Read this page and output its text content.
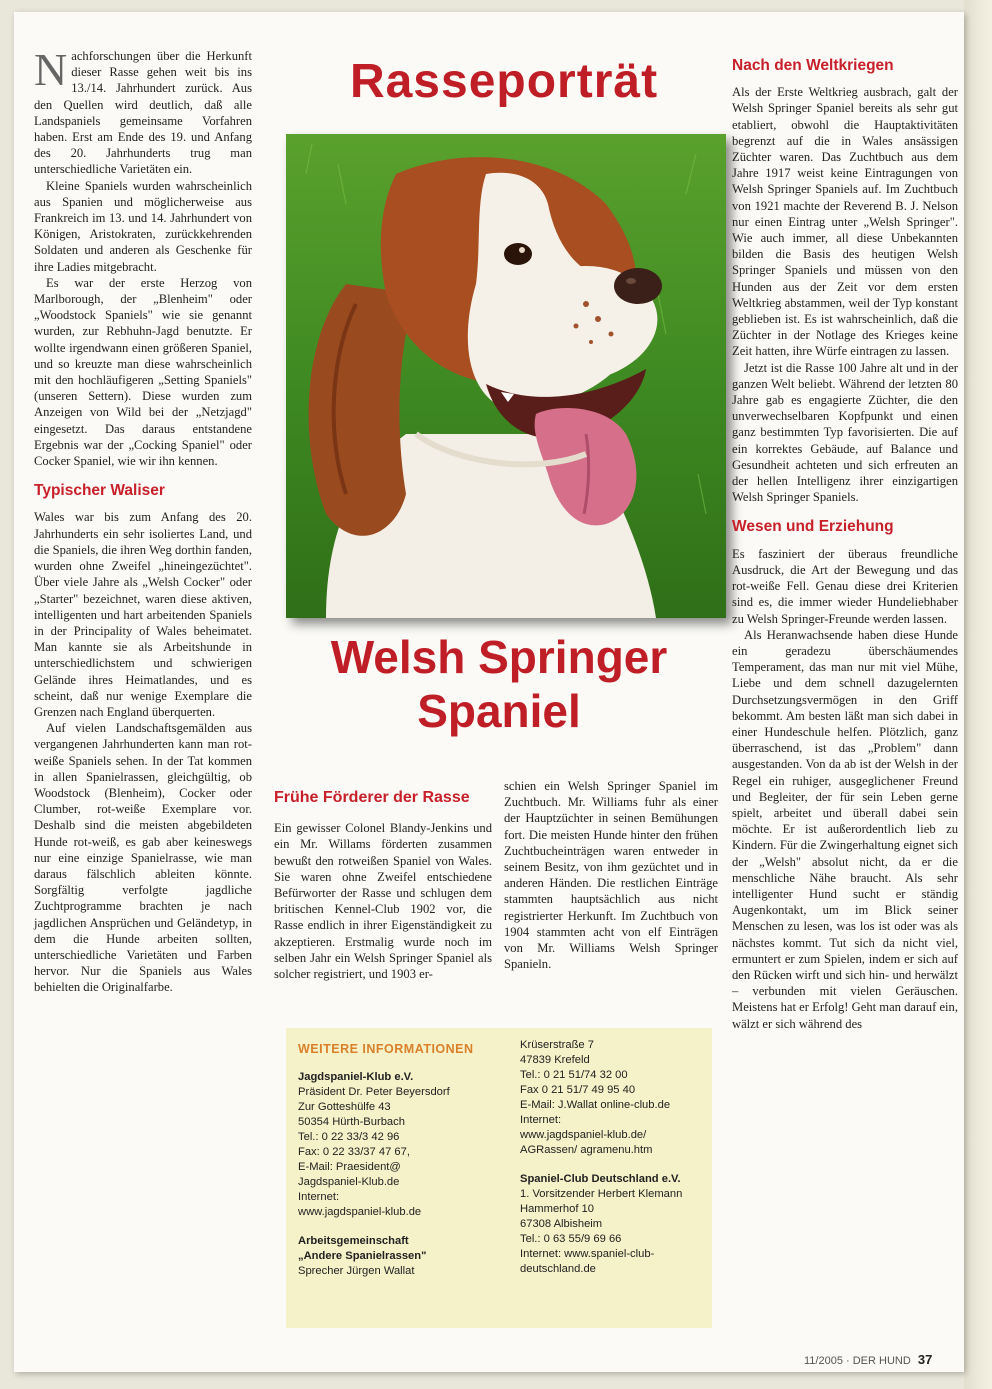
Nachforschungen über die Herkunft dieser Rasse gehen weit bis ins 13./14. Jahrhundert zurück. Aus den Quellen wird deutlich, daß alle Landspaniels gemeinsame Vorfahren haben. Erst am Ende des 19. und Anfang des 20. Jahrhunderts trug man unterschiedliche Varietäten ein.

Kleine Spaniels wurden wahrscheinlich aus Spanien und möglicherweise aus Frankreich im 13. und 14. Jahrhundert von Königen, Aristokraten, zurückkehrenden Soldaten und anderen als Geschenke für ihre Ladies mitgebracht.

Es war der erste Herzog von Marlborough, der „Blenheim" oder „Woodstock Spaniels" wie sie genannt wurden, zur Rebhuhn-Jagd benutzte. Er wollte irgendwann einen größeren Spaniel, und so kreuzte man diese wahrscheinlich mit den hochläufigeren „Setting Spaniels" (unseren Settern). Diese wurden zum Anzeigen von Wild bei der „Netzjagd" eingesetzt. Das daraus entstandene Ergebnis war der „Cocking Spaniel" oder Cocker Spaniel, wie wir ihn kennen.

Typischer Waliser

Wales war bis zum Anfang des 20. Jahrhunderts ein sehr isoliertes Land, und die Spaniels, die ihren Weg dorthin fanden, wurden ohne Zweifel „hineingezüchtet". Über viele Jahre als „Welsh Cocker" oder „Starter" bezeichnet, waren diese aktiven, intelligenten und hart arbeitenden Spaniels in der Principality of Wales beheimatet. Man kannte sie als Arbeitshunde in unterschiedlichstem und schwierigen Gelände ihres Heimatlandes, und es scheint, daß nur wenige Exemplare die Grenzen nach England überquerten.

Auf vielen Landschaftsgemälden aus vergangenen Jahrhunderten kann man rot-weiße Spaniels sehen. In der Tat kommen in allen Spanielrassen, gleichgültig, ob Woodstock (Blenheim), Cocker oder Clumber, rot-weiße Exemplare vor. Deshalb sind die meisten abgebildeten Hunde rot-weiß, es gab aber keineswegs nur eine einzige Spanielrasse, wie man daraus fälschlich ableiten könnte. Sorgfältig verfolgte jagdliche Zuchtprogramme brachten je nach jagdlichen Ansprüchen und Geländetyp, in dem die Hunde arbeiten sollten, unterschiedliche Varietäten und Farben hervor. Nur die Spaniels aus Wales behielten die Originalfarbe.

Rasseporträt
Welsh Springer
Spaniel
Frühe Förderer der Rasse

Ein gewisser Colonel Blandy-Jenkins und ein Mr. Willams förderten zusammen bewußt den rotweißen Spaniel von Wales. Sie waren ohne Zweifel entschiedene Befürworter der Rasse und schlugen dem britischen Kennel-Club 1902 vor, die Rasse endlich in ihrer Eigenständigkeit zu akzeptieren. Erstmalig wurde noch im selben Jahr ein Welsh Springer Spaniel als solcher registriert, und 1903 er-

schien ein Welsh Springer Spaniel im Zuchtbuch. Mr. Williams fuhr als einer der Hauptzüchter in seinen Bemühungen fort. Die meisten Hunde hinter den frühen Zuchtbucheinträgen waren entweder in seinem Besitz, von ihm gezüchtet und in anderen Händen. Die restlichen Einträge stammten hauptsächlich aus nicht registrierter Herkunft. Im Zuchtbuch von 1904 stammten acht von elf Einträgen von Mr. Williams Welsh Springer Spanieln.

WEITERE INFORMATIONEN
Jagdspaniel-Klub e.V.
Präsident Dr. Peter Beyersdorf
Zur Gotteshülfe 43
50354 Hürth-Burbach
Tel.: 0 22 33/3 42 96
Fax: 0 22 33/37 47 67,
E-Mail: Praesident@
Jagdspaniel-Klub.de
Internet:
www.jagdspaniel-klub.de
Arbeitsgemeinschaft
„Andere Spanielrassen"
Sprecher Jürgen Wallat
Krüserstraße 7
47839 Krefeld
Tel.: 0 21 51/74 32 00
Fax 0 21 51/7 49 95 40
E-Mail: J.Wallat online-club.de
Internet:
www.jagdspaniel-klub.de/
AGRassen/ agramenu.htm
Spaniel-Club Deutschland e.V.
1. Vorsitzender Herbert Klemann
Hammerhof 10
67308 Albisheim
Tel.: 0 63 55/9 69 66
Internet: www.spaniel-club-
deutschland.de
Nach den Weltkriegen

Als der Erste Weltkrieg ausbrach, galt der Welsh Springer Spaniel bereits als sehr gut etabliert, obwohl die Hauptaktivitäten begrenzt auf die in Wales ansässigen Züchter waren. Das Zuchtbuch aus dem Jahre 1917 weist keine Eintragungen von Welsh Springer Spaniels auf. Im Zuchtbuch von 1921 machte der Reverend B. J. Nelson nur einen Eintrag unter „Welsh Springer". Wie auch immer, all diese Unbekannten bilden die Basis des heutigen Welsh Springer Spaniels und müssen von den Hunden aus der Zeit vor dem ersten Weltkrieg abstammen, weil der Typ konstant geblieben ist. Es ist wahrscheinlich, daß die Züchter in der Notlage des Krieges keine Zeit hatten, ihre Würfe eintragen zu lassen.

Jetzt ist die Rasse 100 Jahre alt und in der ganzen Welt beliebt. Während der letzten 80 Jahre gab es engagierte Züchter, die den unverwechselbaren Kopfpunkt und einen ganz bestimmten Typ favorisierten. Die auf ein korrektes Gebäude, auf Balance und Gesundheit achteten und sich erfreuten an der hellen Intelligenz ihrer einzigartigen Welsh Springer Spaniels.

Wesen und Erziehung

Es fasziniert der überaus freundliche Ausdruck, die Art der Bewegung und das rot-weiße Fell. Genau diese drei Kriterien sind es, die immer wieder Hundeliebhaber zu Welsh Springer-Freunde werden lassen.

Als Heranwachsende haben diese Hunde ein geradezu überschäumendes Temperament, das man nur mit viel Mühe, Liebe und dem schnell dazugelernten Durchsetzungsvermögen in den Griff bekommt. Am besten läßt man sich dabei in einer Hundeschule helfen. Plötzlich, ganz überraschend, ist das „Problem" dann ausgestanden. Von da ab ist der Welsh in der Regel ein ruhiger, ausgeglichener Freund und Begleiter, der für sein Leben gerne spielt, arbeitet und überall dabei sein möchte. Er ist außerordentlich lieb zu Kindern. Für die Zwingerhaltung eignet sich der „Welsh" absolut nicht, da er die menschliche Nähe braucht. Als sehr intelligenter Hund sucht er ständig Augenkontakt, um im Blick seiner Menschen zu lesen, was los ist oder was als nächstes kommt. Tut sich da nicht viel, ermuntert er zum Spielen, indem er sich auf den Rücken wirft und sich hin- und herwälzt – verbunden mit vielen Geräuschen. Meistens hat er Erfolg! Geht man darauf ein, wälzt er sich während des

11/2005 · DER HUND 37
